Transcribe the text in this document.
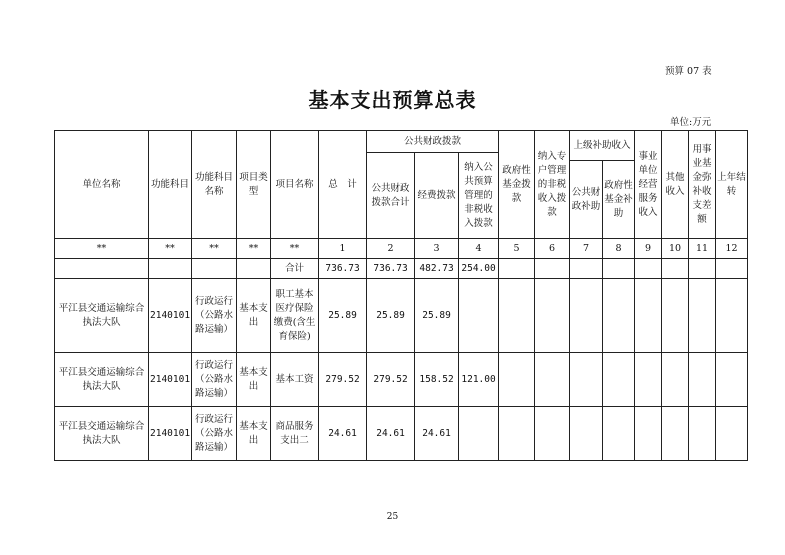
预算 07 表
基本支出预算总表
单位:万元
单位名称	功能科目	功能科目名称	项目类型	项目名称	总　计	公共财政拨款			政府性基金拨款	纳入专户管理的非税收入拨款	上级补助收入		事业单位经营服务收入	其他收入	用事业基金弥补收支差额	上年结转
						公共财政拨款合计	经费拨款	纳入公共预算管理的非税收入拨款								
											公共财政补助	政府性基金补助				
**	**	**	**	**	1	2	3	4	5	6	7	8	9	10	11	12
				合计	736.73	736.73	482.73	254.00								
平江县交通运输综合执法大队	2140101	行政运行（公路水路运输）	基本支出	职工基本医疗保险缴费(含生育保险)	25.89	25.89	25.89									
平江县交通运输综合执法大队	2140101	行政运行（公路水路运输）	基本支出	基本工资	279.52	279.52	158.52	121.00								
平江县交通运输综合执法大队	2140101	行政运行（公路水路运输）	基本支出	商品服务支出二	24.61	24.61	24.61									
25
